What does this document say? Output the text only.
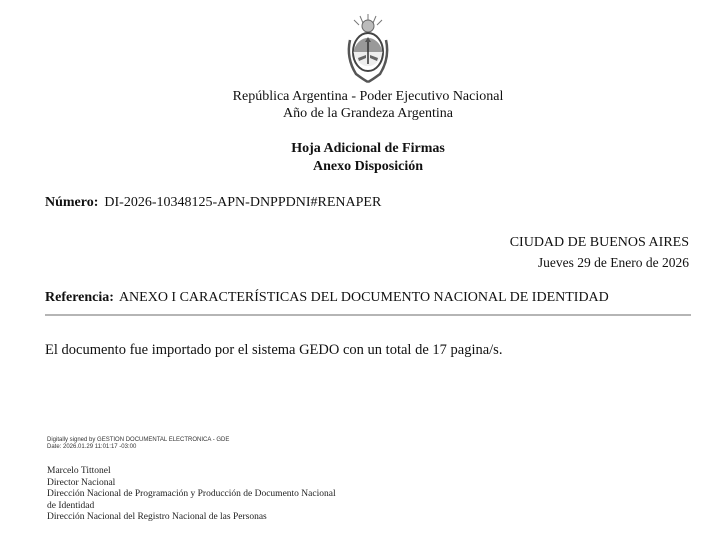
República Argentina - Poder Ejecutivo Nacional
Año de la Grandeza Argentina
Hoja Adicional de Firmas
Anexo Disposición
Número: DI-2026-10348125-APN-DNPPDNI#RENAPER
CIUDAD DE BUENOS AIRES
Jueves 29 de Enero de 2026
Referencia: ANEXO I CARACTERÍSTICAS DEL DOCUMENTO NACIONAL DE IDENTIDAD
El documento fue importado por el sistema GEDO con un total de 17 pagina/s.
Digitally signed by GESTION DOCUMENTAL ELECTRONICA - GDE
Date: 2026.01.29 11:01:17 -03:00
Marcelo Tittonel
Director Nacional
Dirección Nacional de Programación y Producción de Documento Nacional
de Identidad
Dirección Nacional del Registro Nacional de las Personas
